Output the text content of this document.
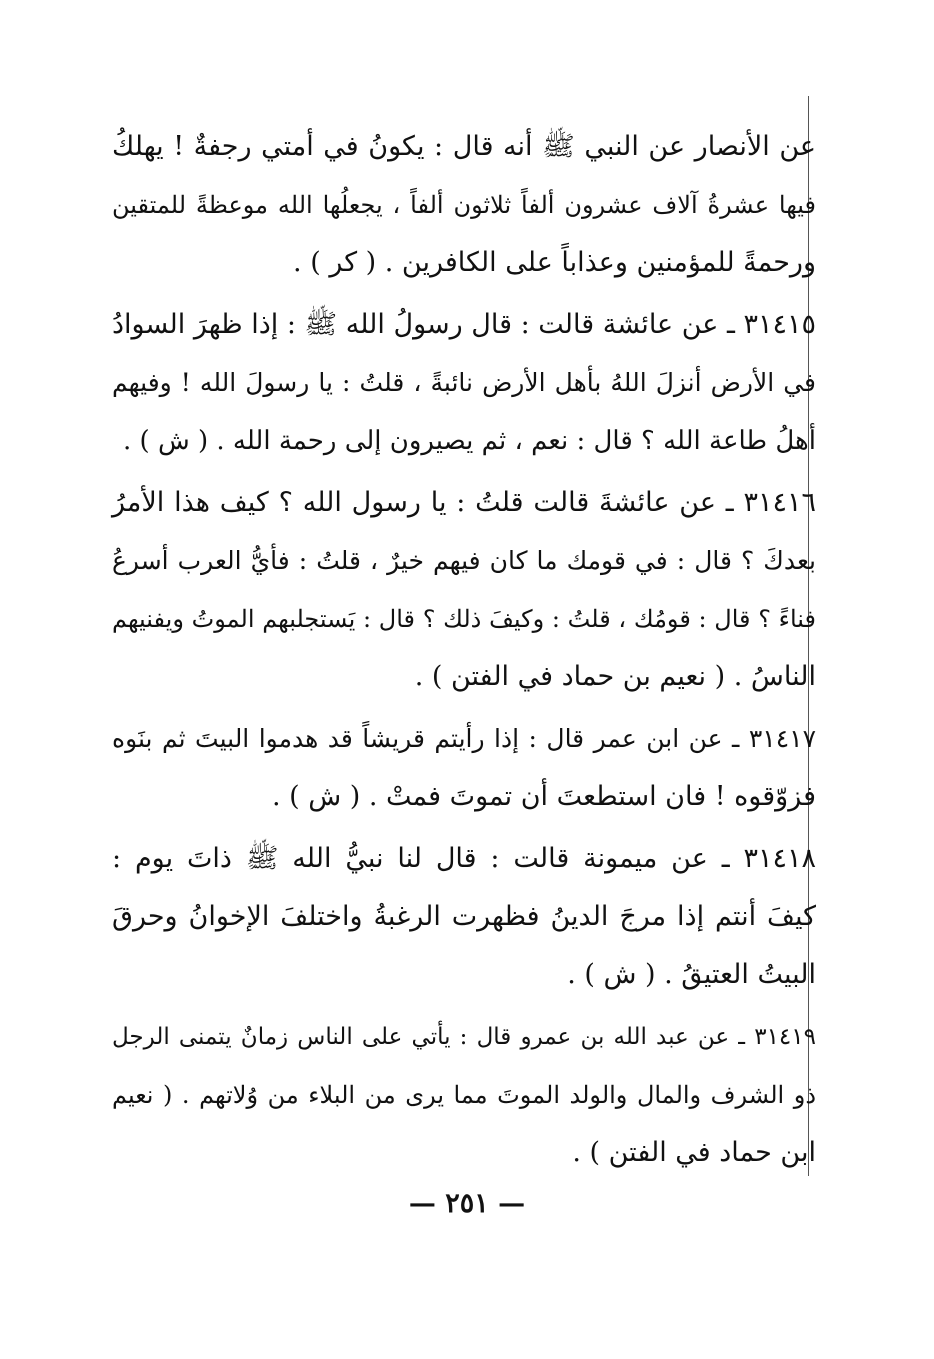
عن الأنصار عن النبي ﷺ أنه قال : يكونُ في أمتي رجفةٌ ! يهلكُ
فيها عشرةُ آلاف عشرون ألفاً ثلاثون ألفاً ، يجعلُها الله موعظةً للمتقين
ورحمةً للمؤمنين وعذاباً على الكافرين . ( كر ) .
٣١٤١٥ ـ عن عائشة قالت : قال رسولُ الله ﷺ : إذا ظهرَ السوادُ
في الأرض أنزلَ اللهُ بأهل الأرض نائبةً ، قلتُ : يا رسولَ الله ! وفيهم
أهلُ طاعة الله ؟ قال : نعم ، ثم يصيرون إلى رحمة الله . ( ش ) .
٣١٤١٦ ـ عن عائشةَ قالت قلتُ : يا رسول الله ؟ كيف هذا الأمرُ
بعدكَ ؟ قال : في قومك ما كان فيهم خيرٌ ، قلتُ : فأيُّ العرب أسرعُ
فناءً ؟ قال : قومُك ، قلتُ : وكيفَ ذلك ؟ قال : يَستجلبهم الموتُ ويفنيهم
الناسُ . ( نعيم بن حماد في الفتن ) .
٣١٤١٧ ـ عن ابن عمر قال : إذا رأيتم قريشاً قد هدموا البيتَ ثم بنَوه
فزوّقوه ! فان استطعتَ أن تموتَ فمتْ . ( ش ) .
٣١٤١٨ ـ عن ميمونة قالت : قال لنا نبيُّ الله ﷺ ذاتَ يوم :
كيفَ أنتم إذا مرجَ الدينُ فظهرت الرغبةُ واختلفَ الإخوانُ وحرقَ
البيتُ العتيقُ . ( ش ) .
٣١٤١٩ ـ عن عبد الله بن عمرو قال : يأتي على الناس زمانٌ يتمنى الرجل
ذو الشرف والمال والولد الموتَ مما يرى من البلاء من وُلاتهم . ( نعيم
ابن حماد في الفتن ) .
— ٢٥١ —
